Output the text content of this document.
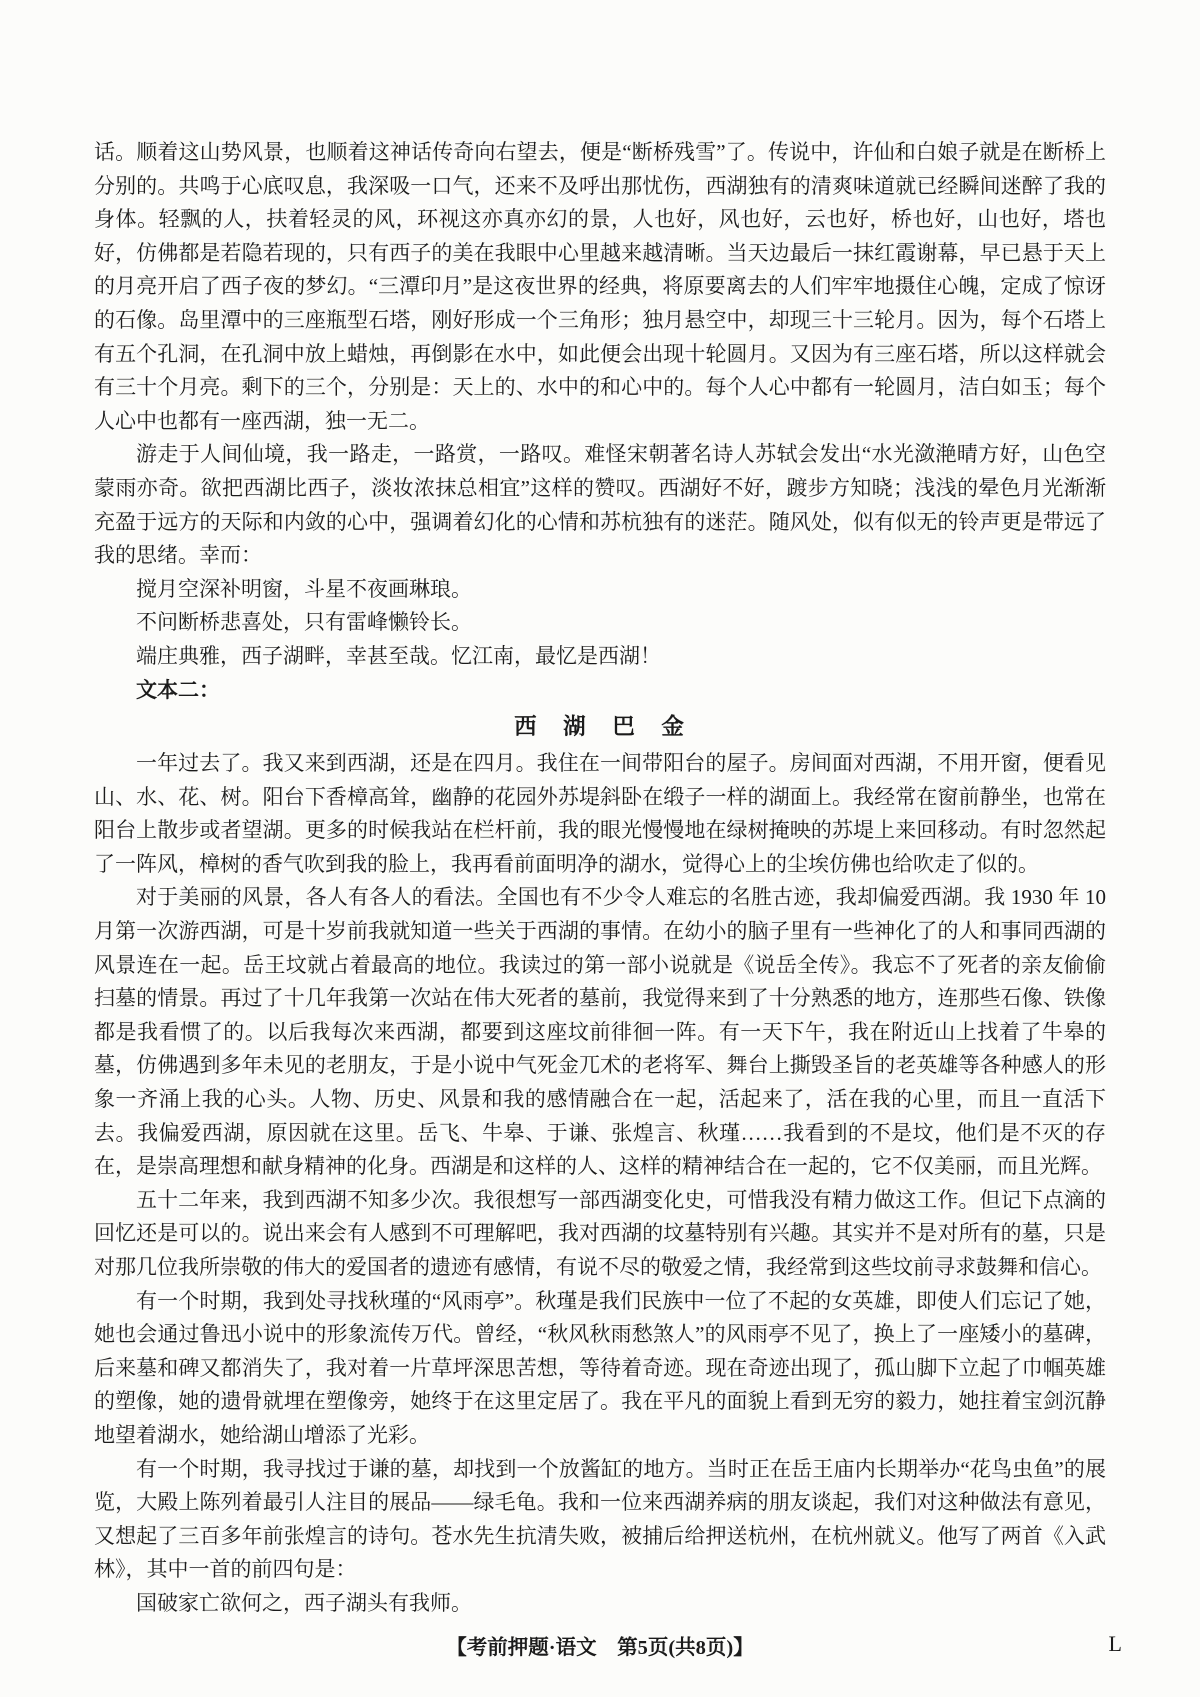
话。顺着这山势风景，也顺着这神话传奇向右望去，便是“断桥残雪”了。传说中，许仙和白娘子就是在断桥上分别的。共鸣于心底叹息，我深吸一口气，还来不及呼出那忧伤，西湖独有的清爽味道就已经瞬间迷醉了我的身体。轻飘的人，扶着轻灵的风，环视这亦真亦幻的景，人也好，风也好，云也好，桥也好，山也好，塔也好，仿佛都是若隐若现的，只有西子的美在我眼中心里越来越清晰。当天边最后一抹红霞谢幕，早已悬于天上的月亮开启了西子夜的梦幻。“三潭印月”是这夜世界的经典，将原要离去的人们牢牢地摄住心魄，定成了惊讶的石像。岛里潭中的三座瓶型石塔，刚好形成一个三角形；独月悬空中，却现三十三轮月。因为，每个石塔上有五个孔洞，在孔洞中放上蜡烛，再倒影在水中，如此便会出现十轮圆月。又因为有三座石塔，所以这样就会有三十个月亮。剩下的三个，分别是：天上的、水中的和心中的。每个人心中都有一轮圆月，洁白如玉；每个人心中也都有一座西湖，独一无二。

游走于人间仙境，我一路走，一路赏，一路叹。难怪宋朝著名诗人苏轼会发出“水光潋滟晴方好，山色空蒙雨亦奇。欲把西湖比西子，淡妆浓抹总相宜”这样的赞叹。西湖好不好，踱步方知晓；浅浅的晕色月光渐渐充盈于远方的天际和内敛的心中，强调着幻化的心情和苏杭独有的迷茫。随风处，似有似无的铃声更是带远了我的思绪。幸而：

搅月空深补明窗，斗星不夜画琳琅。

不问断桥悲喜处，只有雷峰懒铃长。

端庄典雅，西子湖畔，幸甚至哉。忆江南，最忆是西湖！

文本二：

西　湖 巴　金

一年过去了。我又来到西湖，还是在四月。我住在一间带阳台的屋子。房间面对西湖，不用开窗，便看见山、水、花、树。阳台下香樟高耸，幽静的花园外苏堤斜卧在缎子一样的湖面上。我经常在窗前静坐，也常在阳台上散步或者望湖。更多的时候我站在栏杆前，我的眼光慢慢地在绿树掩映的苏堤上来回移动。有时忽然起了一阵风，樟树的香气吹到我的脸上，我再看前面明净的湖水，觉得心上的尘埃仿佛也给吹走了似的。

对于美丽的风景，各人有各人的看法。全国也有不少令人难忘的名胜古迹，我却偏爱西湖。我 1930 年 10 月第一次游西湖，可是十岁前我就知道一些关于西湖的事情。在幼小的脑子里有一些神化了的人和事同西湖的风景连在一起。岳王坟就占着最高的地位。我读过的第一部小说就是《说岳全传》。我忘不了死者的亲友偷偷扫墓的情景。再过了十几年我第一次站在伟大死者的墓前，我觉得来到了十分熟悉的地方，连那些石像、铁像都是我看惯了的。以后我每次来西湖，都要到这座坟前徘徊一阵。有一天下午，我在附近山上找着了牛皋的墓，仿佛遇到多年未见的老朋友，于是小说中气死金兀术的老将军、舞台上撕毁圣旨的老英雄等各种感人的形象一齐涌上我的心头。人物、历史、风景和我的感情融合在一起，活起来了，活在我的心里，而且一直活下去。我偏爱西湖，原因就在这里。岳飞、牛皋、于谦、张煌言、秋瑾……我看到的不是坟，他们是不灭的存在，是崇高理想和献身精神的化身。西湖是和这样的人、这样的精神结合在一起的，它不仅美丽，而且光辉。

五十二年来，我到西湖不知多少次。我很想写一部西湖变化史，可惜我没有精力做这工作。但记下点滴的回忆还是可以的。说出来会有人感到不可理解吧，我对西湖的坟墓特别有兴趣。其实并不是对所有的墓，只是对那几位我所崇敬的伟大的爱国者的遗迹有感情，有说不尽的敬爱之情，我经常到这些坟前寻求鼓舞和信心。

有一个时期，我到处寻找秋瑾的“风雨亭”。秋瑾是我们民族中一位了不起的女英雄，即使人们忘记了她，她也会通过鲁迅小说中的形象流传万代。曾经，“秋风秋雨愁煞人”的风雨亭不见了，换上了一座矮小的墓碑，后来墓和碑又都消失了，我对着一片草坪深思苦想，等待着奇迹。现在奇迹出现了，孤山脚下立起了巾帼英雄的塑像，她的遗骨就埋在塑像旁，她终于在这里定居了。我在平凡的面貌上看到无穷的毅力，她拄着宝剑沉静地望着湖水，她给湖山增添了光彩。

有一个时期，我寻找过于谦的墓，却找到一个放酱缸的地方。当时正在岳王庙内长期举办“花鸟虫鱼”的展览，大殿上陈列着最引人注目的展品——绿毛龟。我和一位来西湖养病的朋友谈起，我们对这种做法有意见，又想起了三百多年前张煌言的诗句。苍水先生抗清失败，被捕后给押送杭州，在杭州就义。他写了两首《入武林》，其中一首的前四句是：

国破家亡欲何之，西子湖头有我师。

【考前押题·语文　第5页(共8页)】	L
